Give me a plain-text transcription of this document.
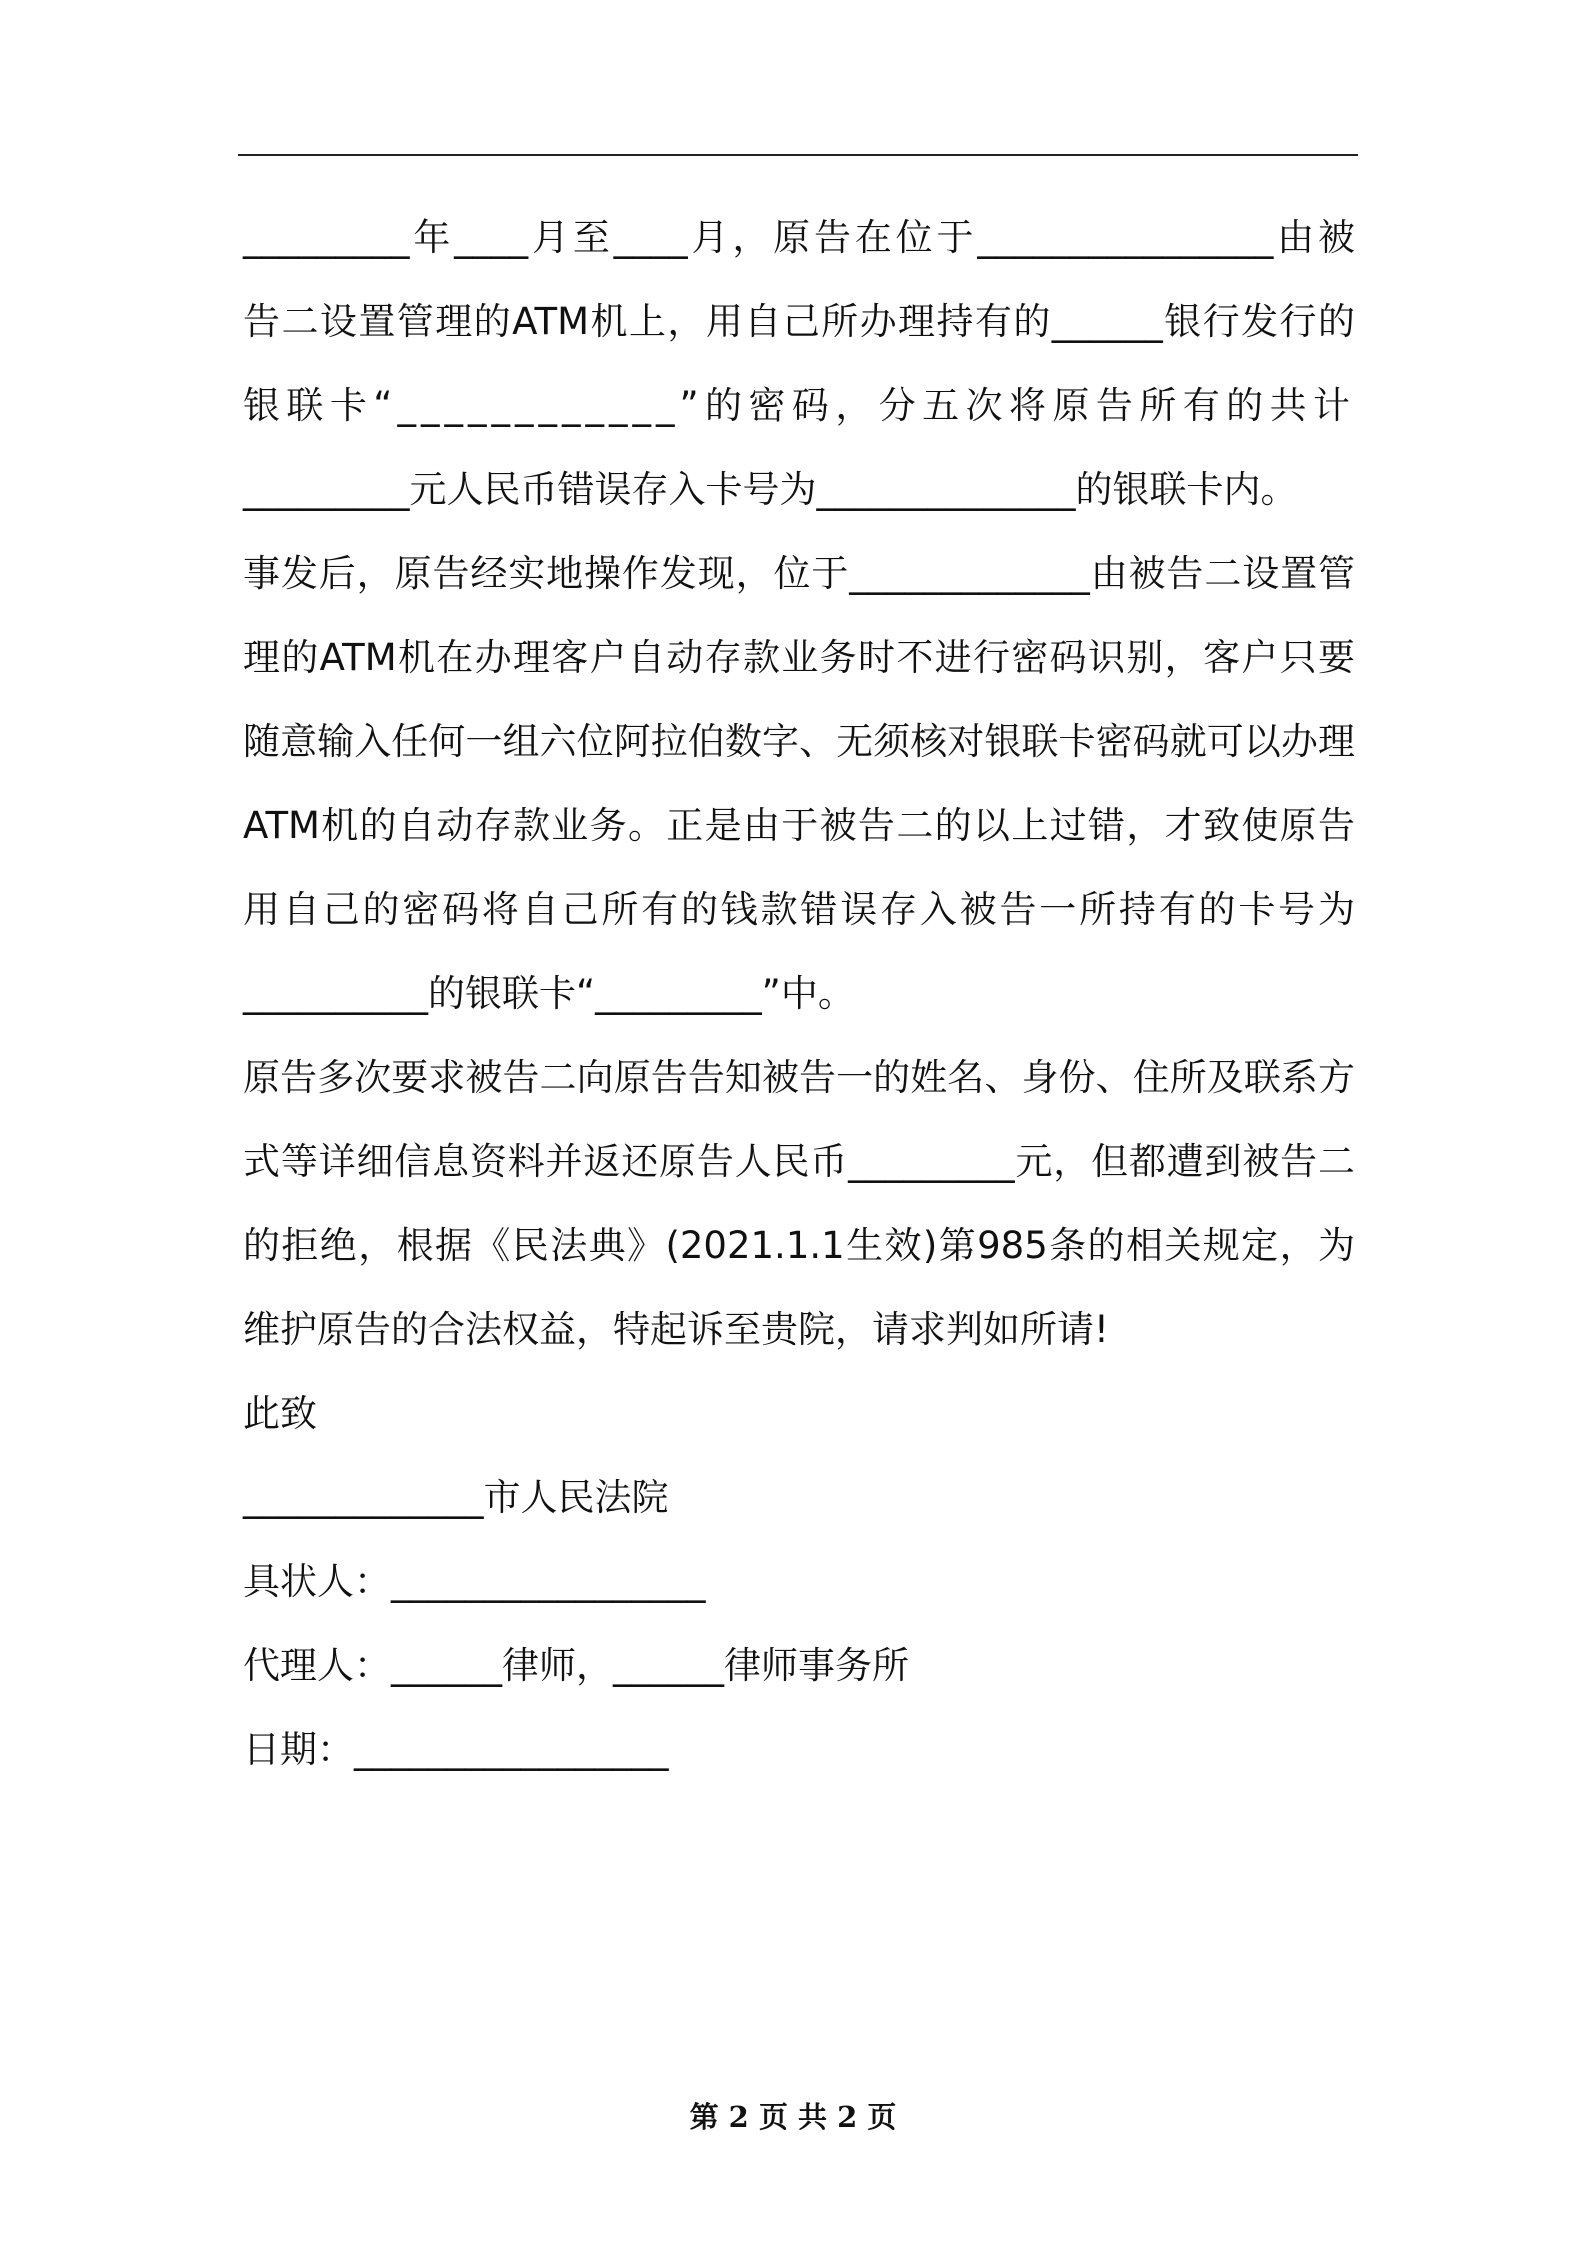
_________年____月至____月，原告在位于________________由被
告二设置管理的ATM机上，用自己所办理持有的______银行发行的
银联卡“____________”的密码，分五次将原告所有的共计
_________元人民币错误存入卡号为______________的银联卡内。
事发后，原告经实地操作发现，位于_____________由被告二设置管
理的ATM机在办理客户自动存款业务时不进行密码识别，客户只要
随意输入任何一组六位阿拉伯数字、无须核对银联卡密码就可以办理
ATM机的自动存款业务。正是由于被告二的以上过错，才致使原告
用自己的密码将自己所有的钱款错误存入被告一所持有的卡号为
__________的银联卡“_________”中。
原告多次要求被告二向原告告知被告一的姓名、身份、住所及联系方
式等详细信息资料并返还原告人民币_________元，但都遭到被告二
的拒绝，根据《民法典》(2021.1.1生效)第985条的相关规定，为
维护原告的合法权益，特起诉至贵院，请求判如所请!
此致
_____________市人民法院
具状人：_________________
代理人：______律师，______律师事务所
日期：_________________
第 2 页 共 2 页
